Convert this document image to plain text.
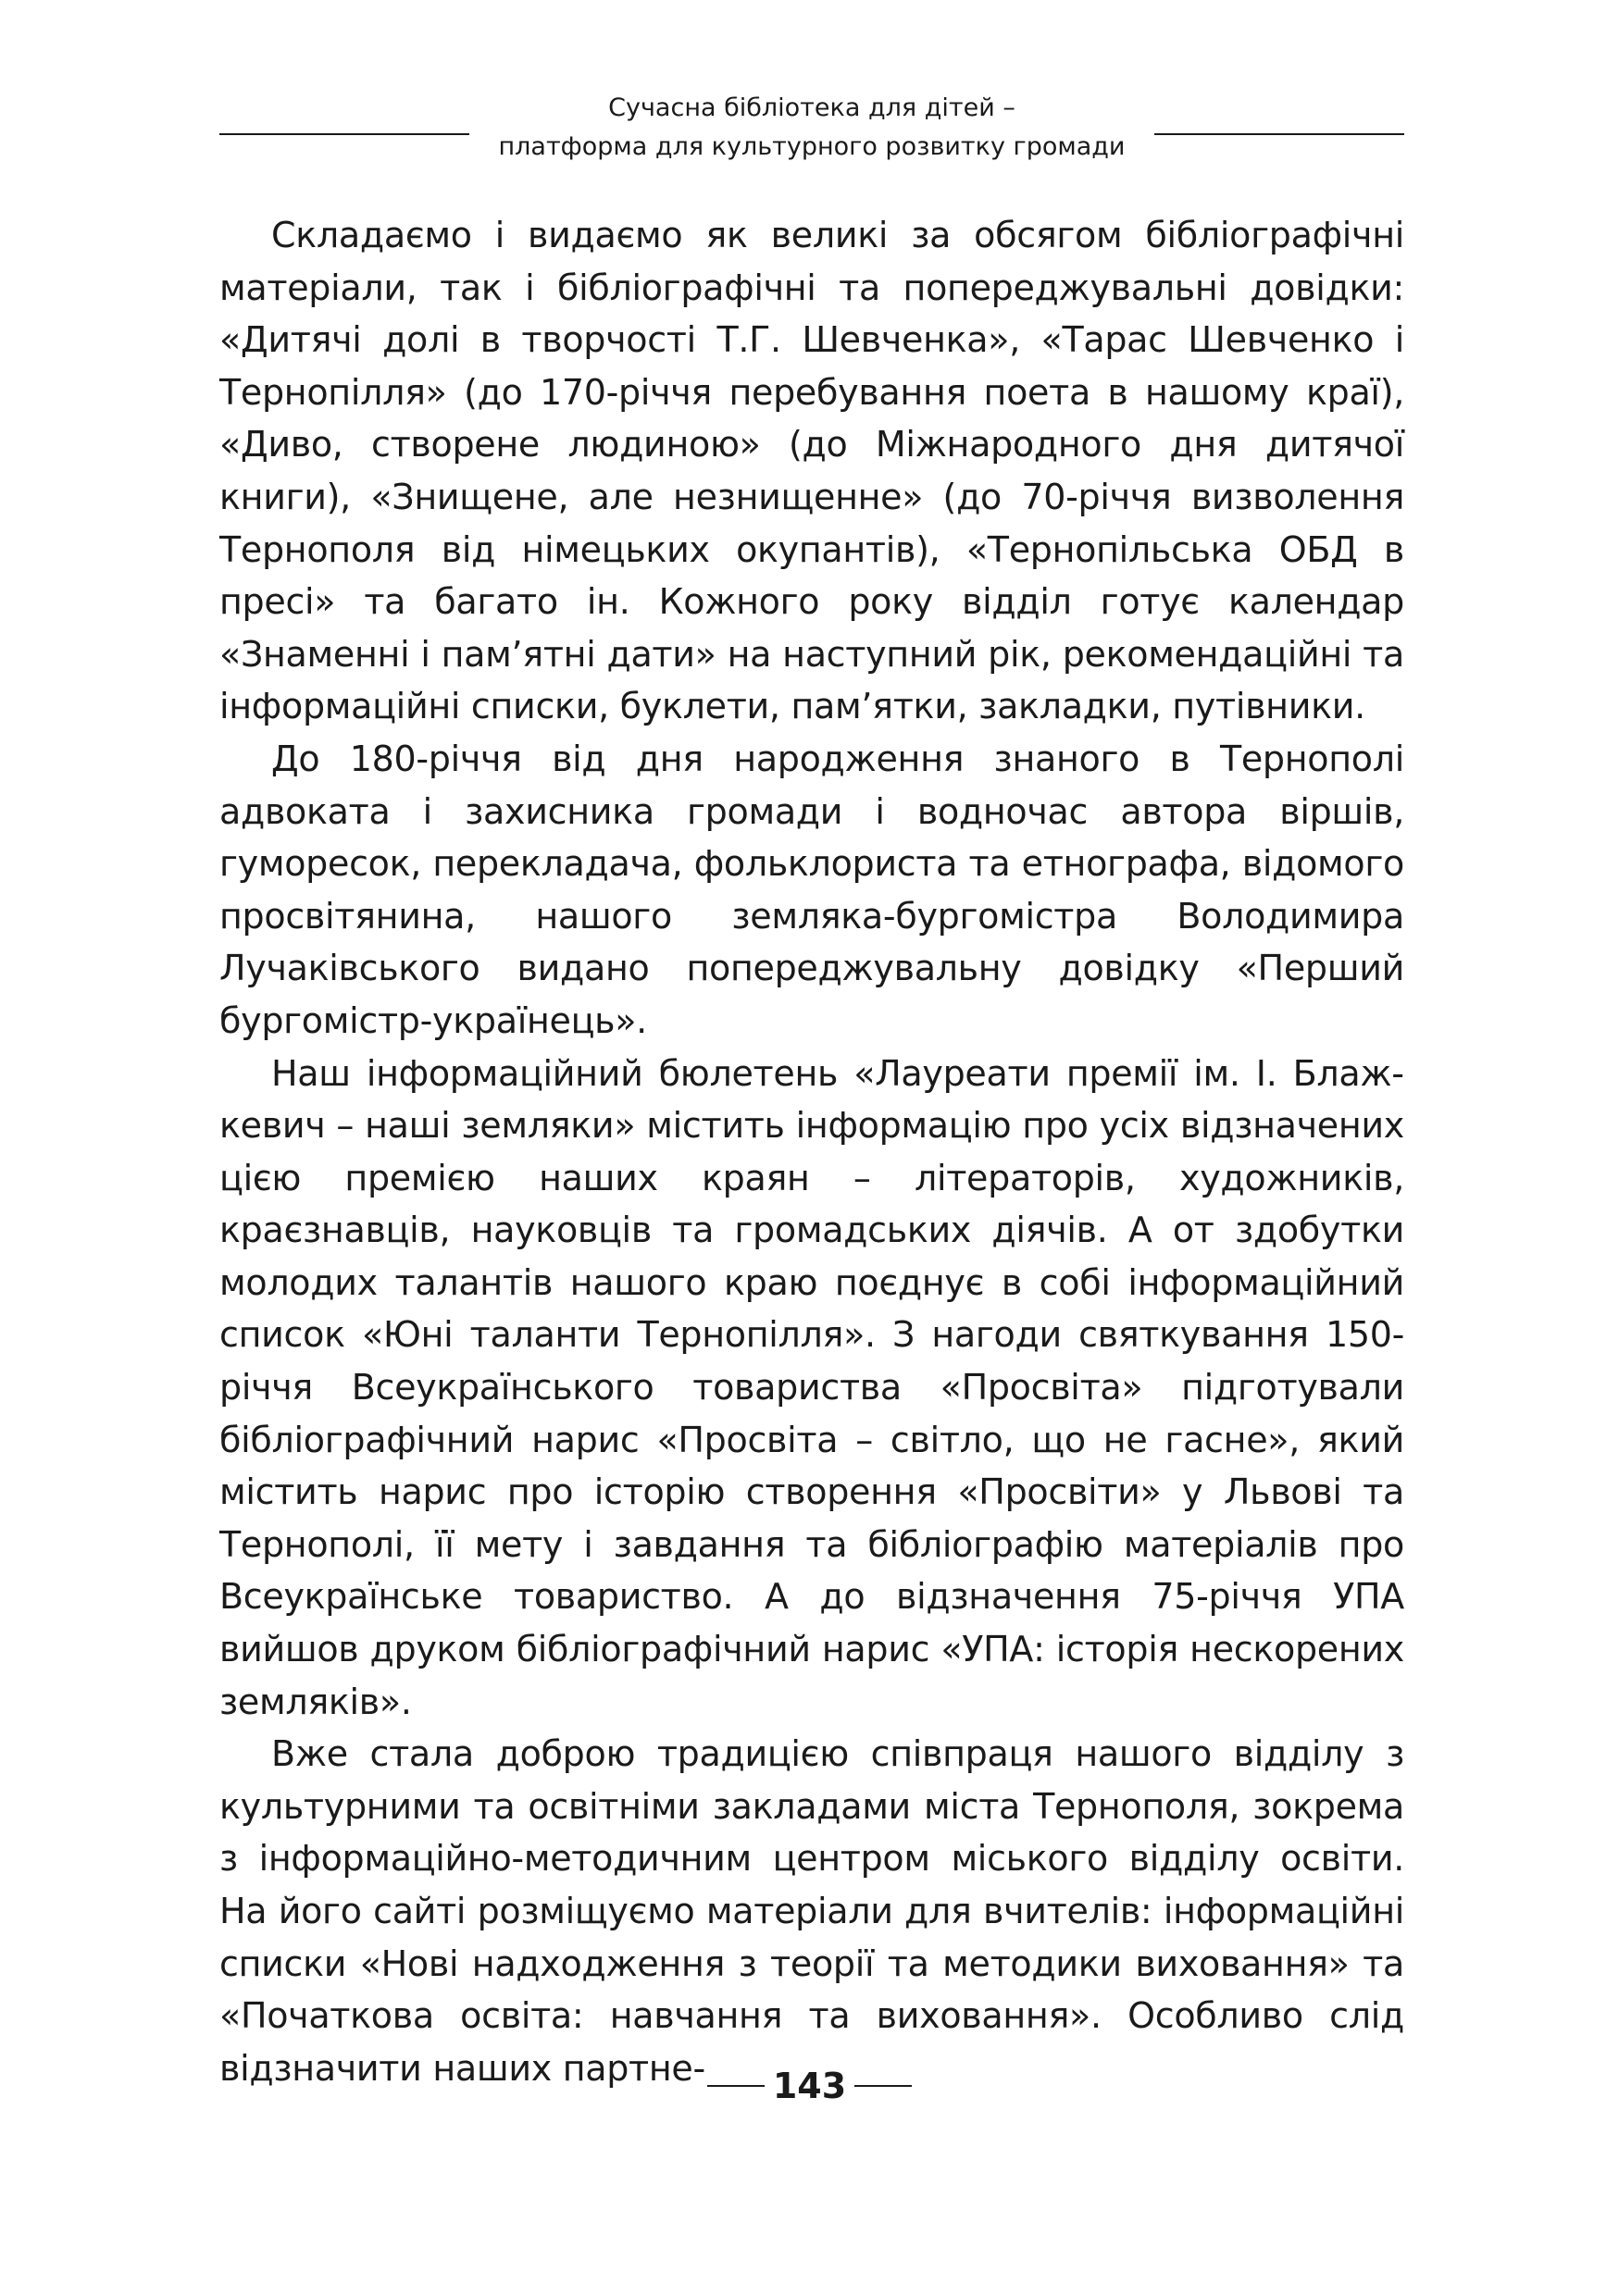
Сучасна бібліотека для дітей –
платформа для культурного розвитку громади

Складаємо і видаємо як великі за обсягом бібліографічні матеріали, так і бібліографічні та попереджувальні довідки: «Дитячі долі в творчості Т.Г. Шевченка», «Тарас Шевченко і Тернопілля» (до 170-річчя перебування поета в нашому краї), «Диво, створене людиною» (до Міжнародного дня дитячої книги), «Знищене, але незнищенне» (до 70-річчя визволення Тернополя від німецьких окупантів), «Тернопільська ОБД в пресі» та багато ін. Кожного року відділ готує календар «Знаменні і пам’ятні дати» на наступний рік, рекомендаційні та інформаційні списки, буклети, пам’ятки, закладки, путівники.

До 180-річчя від дня народження знаного в Тернополі адвоката і захисника громади і водночас автора віршів, гуморесок, перекладача, фольклориста та етнографа, відомого просвітянина, нашого земляка-бургомістра Володимира Лучаківського видано попереджувальну довідку «Перший бургомістр-українець».

Наш інформаційний бюлетень «Лауреати премії ім. І. Блажкевич – наші земляки» містить інформацію про усіх відзначених цією премією наших краян – літераторів, художників, краєзнавців, науковців та громадських діячів. А от здобутки молодих талантів нашого краю поєднує в собі інформаційний список «Юні таланти Тернопілля». З нагоди святкування 150-річчя Всеукраїнського товариства «Просвіта» підготували бібліографічний нарис «Просвіта – світло, що не гасне», який містить нарис про історію створення «Просвіти» у Львові та Тернополі, її мету і завдання та бібліографію матеріалів про Всеукраїнське товариство. А до відзначення 75-річчя УПА вийшов друком бібліографічний нарис «УПА: історія нескорених земляків».

Вже стала доброю традицією співпраця нашого відділу з культурними та освітніми закладами міста Тернополя, зокрема з інформаційно-методичним центром міського відділу освіти. На його сайті розміщуємо матеріали для вчителів: інформаційні списки «Нові надходження з теорії та методики виховання» та «Початкова освіта: навчання та виховання». Особливо слід відзначити наших партне-	143
